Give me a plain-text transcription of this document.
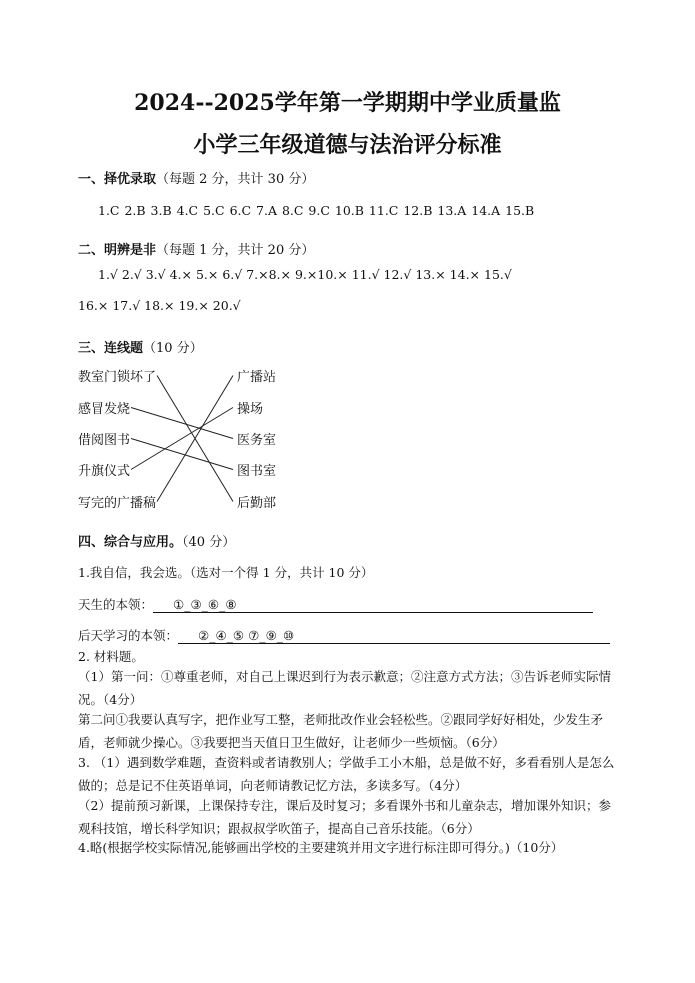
2024--2025学年第一学期期中学业质量监
小学三年级道德与法治评分标准
一、择优录取（每题 2 分，共计 30 分）
1.C 2.B 3.B 4.C 5.C 6.C 7.A 8.C 9.C 10.B 11.C 12.B 13.A 14.A 15.B
二、明辨是非（每题 1 分，共计 20 分）
1.√ 2.√ 3.√ 4.× 5.× 6.√ 7.×8.× 9.×10.× 11.√ 12.√ 13.× 14.× 15.√
16.× 17.√ 18.× 19.× 20.√
三、连线题（10 分）
教室门锁坏了
感冒发烧
借阅图书
升旗仪式
写完的广播稿
广播站
操场
医务室
图书室
后勤部
四、综合与应用。（40 分）
1.我自信，我会选。（选对一个得 1 分，共计 10 分）
天生的本领： ①_③_⑥_⑧
后天学习的本领： ②_④_⑤ ⑦_⑨_⑩
2. 材料题。
（1）第一问：①尊重老师，对自己上课迟到行为表示歉意；②注意方式方法；③告诉老师实际情况。（4分）
第二问①我要认真写字，把作业写工整，老师批改作业会轻松些。②跟同学好好相处，少发生矛盾，老师就少操心。③我要把当天值日卫生做好，让老师少一些烦恼。（6分）
3. （1）遇到数学难题，查资料或者请教别人；学做手工小木船，总是做不好，多看看别人是怎么做的；总是记不住英语单词，向老师请教记忆方法，多读多写。（4分）
（2）提前预习新课，上课保持专注，课后及时复习；多看课外书和儿童杂志，增加课外知识；参观科技馆，增长科学知识；跟叔叔学吹笛子，提高自己音乐技能。（6分）
4.略(根据学校实际情况,能够画出学校的主要建筑并用文字进行标注即可得分。)（10分）
